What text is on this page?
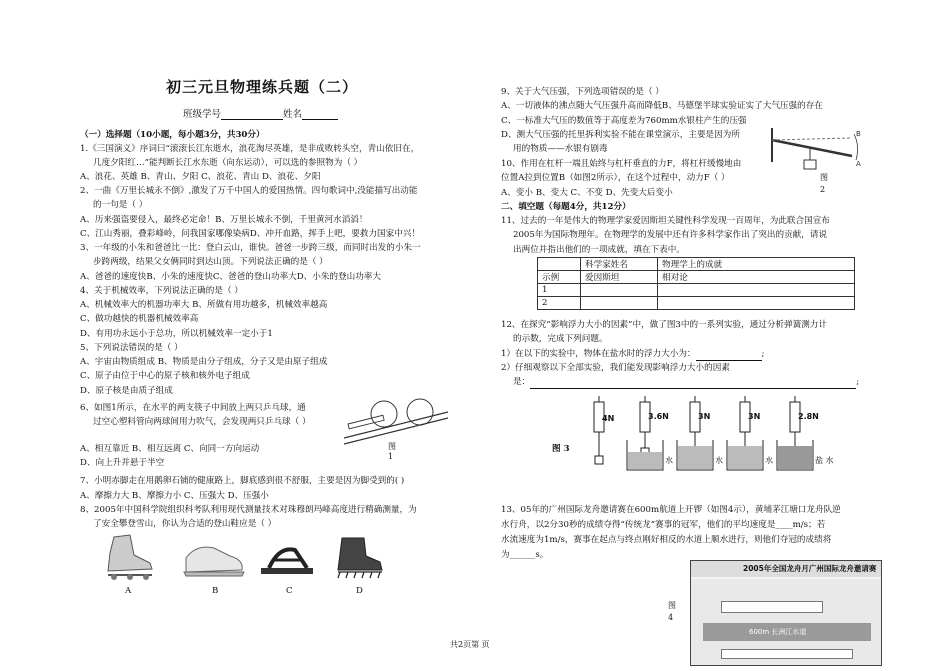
初三元旦物理练兵题（二）
班级学号	姓名
（一）选择题（10小题，每小题3分，共30分）
1.《三国演义》序词曰“滚滚长江东逝水，浪花淘尽英雄，是非成败转头空，青山依旧在，
几度夕阳红…”能判断长江水东逝（向东运动），可以选的参照物为（ ）
A、浪花、英雄 B、青山、夕阳 C、浪花、青山 D、浪花、夕阳
2、一曲《万里长城永不倒》,激发了万千中国人的爱国热情。四句歌词中,没能描写出动能
的一句是（ ）
A、历来强盗要侵入，最终必定命！B、万里长城永不倒，千里黄河水滔滔！
C、江山秀丽，叠彩峰岭，问我国家哪像染病D、冲开血路，挥手上吧，要救力国家中兴！
3、一年级的小朱和爸爸比一比：登白云山，谁快。爸爸一步跨三级，而同时出发的小朱一
步跨两级，结果父女俩同时到达山顶。下列说法正确的是（ ）
A、爸爸的速度快B、小朱的速度快C、爸爸的登山功率大D、小朱的登山功率大
4、关于机械效率，下列说法正确的是（ ）
A、机械效率大的机器功率大 B、所做有用功越多，机械效率越高
C、做功越快的机器机械效率高
D、有用功永远小于总功，所以机械效率一定小于1
5、下列说法错误的是（ ）
A、宇宙由物质组成 B、物质是由分子组成，分子又是由原子组成
C、原子由位于中心的原子核和核外电子组成
D、原子核是由质子组成
6、如图1所示，在水平的两支筷子中间放上两只乒乓球，通
过空心塑料管向两球间用力吹气，会发现两只乒乓球（ ）
A、相互靠近 B、相互远离 C、向同一方向运动
D、向上升并悬于半空
图 1
7、小明赤脚走在用鹅卵石铺的健康路上，脚底感到很不舒服，主要是因为脚受到的( )
A、摩擦力大 B、摩擦力小 C、压强大 D、压强小
8、2005年中国科学院组织科考队利用现代测量技术对珠穆朗玛峰高度进行精确测量，为
了安全攀登雪山，你认为合适的登山鞋应是（ ）
A	B	C	D
共2页第 页
9、关于大气压强，下列选项错误的是（ ）
A、一切液体的沸点随大气压强升高而降低B、马德堡半球实验证实了大气压强的存在
C、一标准大气压的数值等于高度差为760mm水银柱产生的压强
D、测大气压强的托里拆利实验不能在课堂演示，主要是因为所
用的物质——水银有剧毒
10、作用在杠杆一端且始终与杠杆垂直的力F，将杠杆缓慢地由
位置A拉到位置B（如图2所示），在这个过程中，动力F（ ）
A、变小 B、变大 C、不变 D、先变大后变小
B
A
图 2
二、填空题（每题4分，共12分）
11、过去的一年是伟大的物理学家爱因斯坦关键性科学发现一百周年，为此联合国宣布
2005年为国际物理年。在物理学的发展中还有许多科学家作出了突出的贡献，请说
出两位并指出他们的一项成就，填在下表中。
	科学家姓名	物理学上的成就
示例	爱因斯坦	相对论
1		
2		
12、在探究“影响浮力大小的因素”中，做了图3中的一系列实验，通过分析弹簧测力计
的示数，完成下列问题。
1）在以下的实验中，物体在盐水时的浮力大小为：	;
2）仔细观察以下全部实验，我们能发现影响浮力大小的因素
是：	;
图 3
4N	3.6N	3N	3N	2.8N
水	水	水	盐 水
13、05年的广州国际龙舟邀请赛在600m航道上开锣（如图4示），黄埔茅江塘口龙舟队逆
水行舟，以2分30秒的成绩夺得“传统龙”赛事的冠军，他们的平均速度是____m/s；若
水流速度为1m/s，赛事在起点与终点刚好相反的水道上顺水进行，则他们夺冠的成绩将
为______s。
图 4
2005年全国龙舟月广州国际龙舟邀请赛
600m 长洲江水道
